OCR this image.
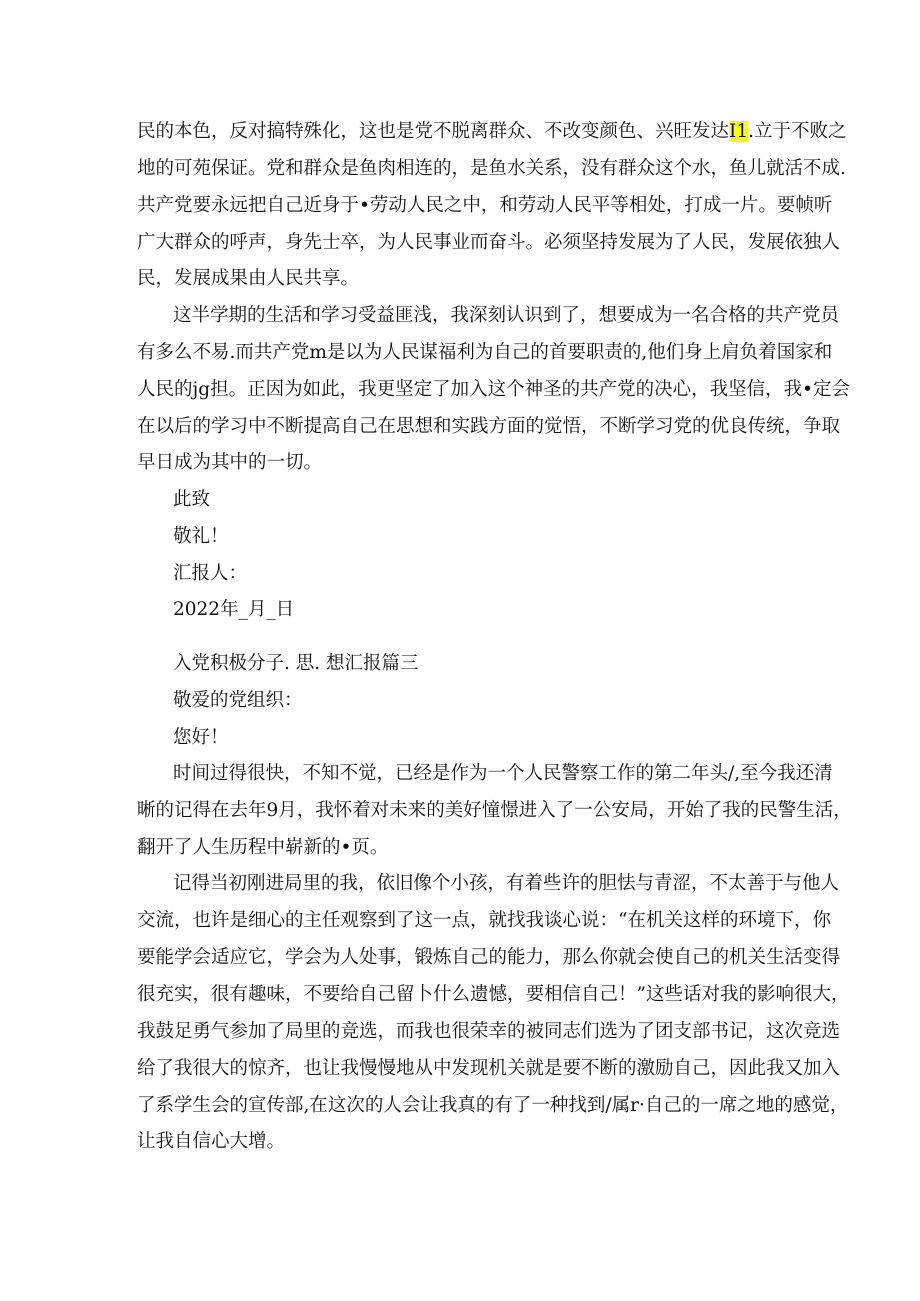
民的本色，反对搞特殊化，这也是党不脱离群众、不改变颜色、兴旺发达I1.立于不败之
地的可苑保证。党和群众是鱼肉相连的，是鱼水关系，没有群众这个水，鱼儿就活不成.
共产党要永远把自己近身于•劳动人民之中，和劳动人民平等相处，打成一片。要帧听
广大群众的呼声，身先士卒，为人民事业而奋斗。必须坚持发展为了人民，发展依独人
民，发展成果由人民共享。
这半学期的生活和学习受益匪浅，我深刻认识到了，想要成为一名合格的共产党员
有多么不易.而共产党m是以为人民谋福利为自己的首要职责的,他们身上肩负着国家和
人民的jg担。正因为如此，我更坚定了加入这个神圣的共产党的决心，我坚信，我•定会
在以后的学习中不断提高自己在思想和实践方面的觉悟，不断学习党的优良传统，争取
早日成为其中的一切。
此致
敬礼！
汇报人：
2022年_月_日
入党积极分子. 思. 想汇报篇三
敬爱的党组织：
您好！
时间过得很快，不知不觉，已经是作为一个人民警察工作的第二年头/,至今我还清
晰的记得在去年9月，我怀着对未来的美好憧憬进入了一公安局，开始了我的民警生活，
翻开了人生历程中崭新的•页。
记得当初刚进局里的我，依旧像个小孩，有着些许的胆怯与青涩，不太善于与他人
交流，也许是细心的主任观察到了这一点，就找我谈心说：“在机关这样的环境下，你
要能学会适应它，学会为人处事，锻炼自己的能力，那么你就会使自己的机关生活变得
很充实，很有趣味，不要给自己留卜什么遗憾，要相信自己！”这些话对我的影响很大，
我鼓足勇气参加了局里的竞选，而我也很荣幸的被同志们选为了团支部书记，这次竞选
给了我很大的惊齐，也让我慢慢地从中发现机关就是要不断的激励自己，因此我又加入
了系学生会的宣传部,在这次的人会让我真的有了一种找到/属r·自己的一席之地的感觉，
让我自信心大增。
